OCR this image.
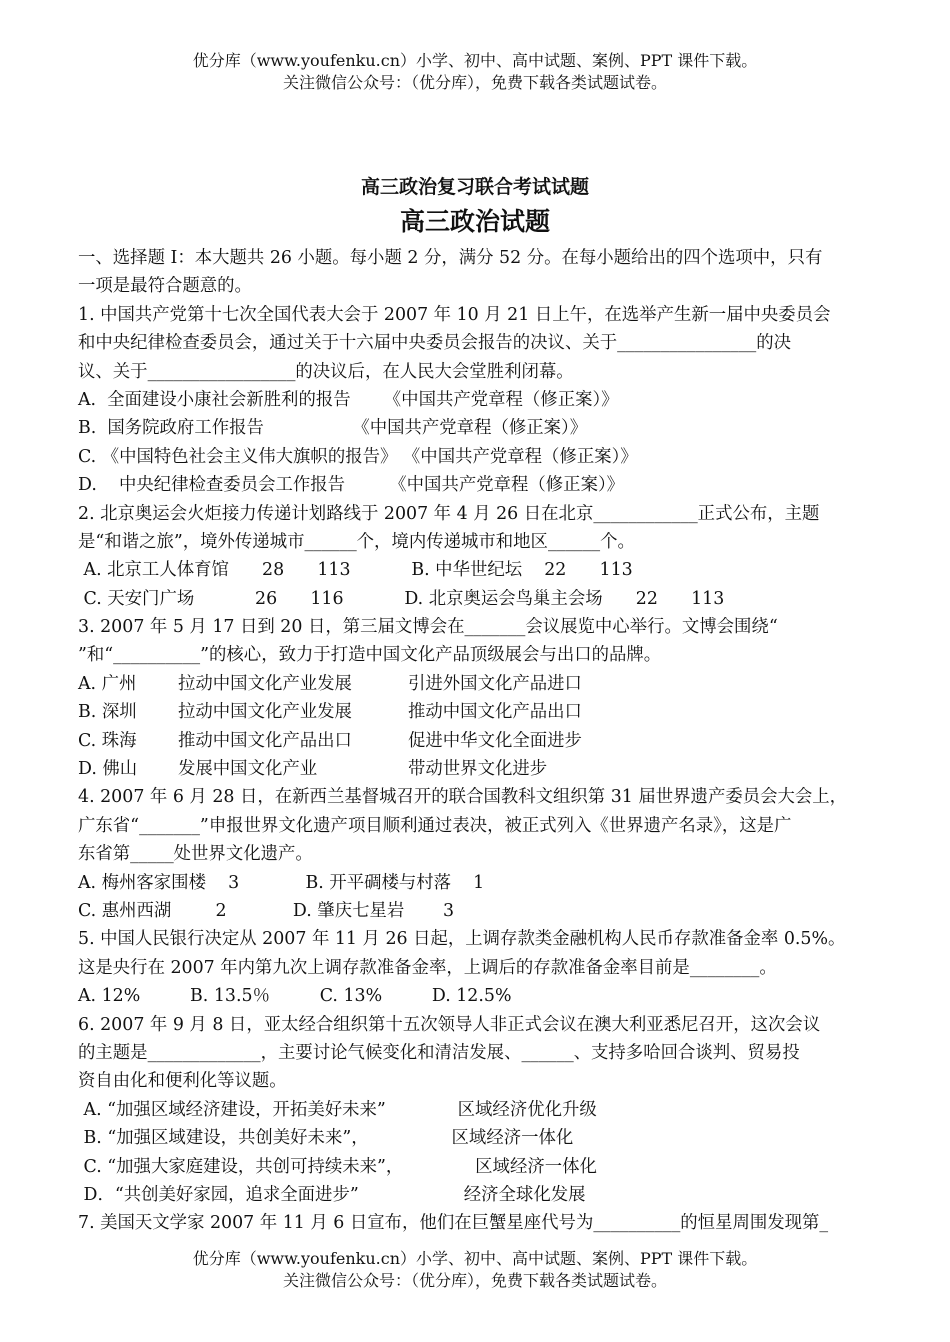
优分库（www.youfenku.cn）小学、初中、高中试题、案例、PPT 课件下载。
关注微信公众号：（优分库），免费下载各类试题试卷。
高三政治复习联合考试试题
高三政治试题
一、选择题 I：本大题共 26 小题。每小题 2 分，满分 52 分。在每小题给出的四个选项中，只有
一项是最符合题意的。
1. 中国共产党第十七次全国代表大会于 2007 年 10 月 21 日上午，在选举产生新一届中央委员会
和中央纪律检查委员会，通过关于十六届中央委员会报告的决议、关于________________的决
议、关于_________________的决议后，在人民大会堂胜利闭幕。
A.  全面建设小康社会新胜利的报告      《中国共产党章程（修正案）》
B.  国务院政府工作报告                《中国共产党章程（修正案）》
C. 《中国特色社会主义伟大旗帜的报告》 《中国共产党章程（修正案）》
D.    中央纪律检查委员会工作报告        《中国共产党章程（修正案）》
2. 北京奥运会火炬接力传递计划路线于 2007 年 4 月 26 日在北京____________正式公布，主题
是“和谐之旅”，境外传递城市______个，境内传递城市和地区______个。
A. 北京工人体育馆      28      113           B. 中华世纪坛    22      113
C. 天安门广场           26      116           D. 北京奥运会鸟巢主会场      22      113
3. 2007 年 5 月 17 日到 20 日，第三届文博会在_______会议展览中心举行。文博会围绕“
”和“__________”的核心，致力于打造中国文化产品顶级展会与出口的品牌。
A. 广州 拉动中国文化产业发展	引进外国文化产品进口
B. 深圳 拉动中国文化产业发展	推动中国文化产品出口
C. 珠海 推动中国文化产品出口	促进中华文化全面进步
D. 佛山 发展中国文化产业	带动世界文化进步
4. 2007 年 6 月 28 日，在新西兰基督城召开的联合国教科文组织第 31 届世界遗产委员会大会上，
广东省“_______”申报世界文化遗产项目顺利通过表决，被正式列入《世界遗产名录》，这是广
东省第_____处世界文化遗产。
A. 梅州客家围楼    3            B. 开平碉楼与村落    1
C. 惠州西湖        2            D. 肇庆七星岩       3
5. 中国人民银行决定从 2007 年 11 月 26 日起，上调存款类金融机构人民币存款准备金率 0.5%。
这是央行在 2007 年内第九次上调存款准备金率，上调后的存款准备金率目前是________。
A. 12%         B. 13.5％         C. 13%         D. 12.5%
6. 2007 年 9 月 8 日，亚太经合组织第十五次领导人非正式会议在澳大利亚悉尼召开，这次会议
的主题是_____________，主要讨论气候变化和清洁发展、______、支持多哈回合谈判、贸易投
资自由化和便利化等议题。
A. “加强区域经济建设，开拓美好未来”             区域经济优化升级
B. “加强区域建设，共创美好未来”，               区域经济一体化
C. “加强大家庭建设，共创可持续未来”，             区域经济一体化
D．“共创美好家园，追求全面进步”                   经济全球化发展
7. 美国天文学家 2007 年 11 月 6 日宣布，他们在巨蟹星座代号为__________的恒星周围发现第_
优分库（www.youfenku.cn）小学、初中、高中试题、案例、PPT 课件下载。
关注微信公众号：（优分库），免费下载各类试题试卷。
